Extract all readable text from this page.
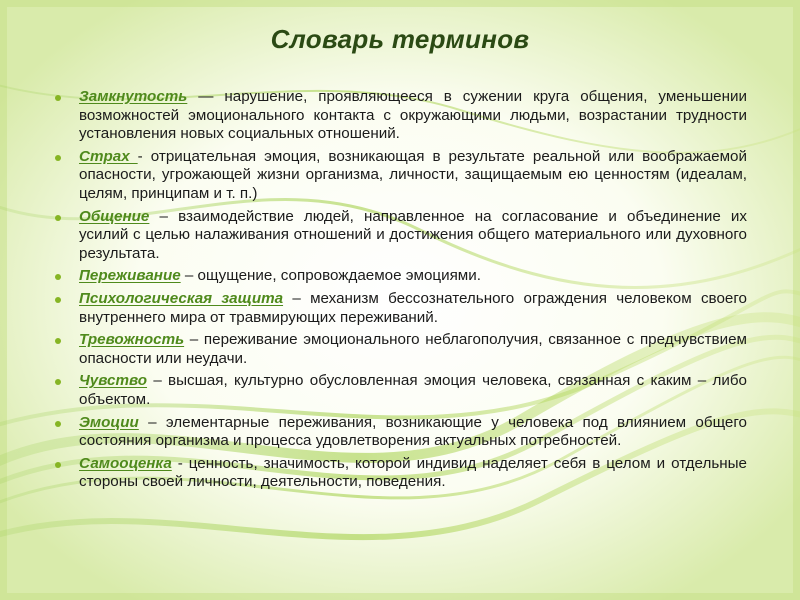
Словарь терминов
Замкнутость — нарушение, проявляющееся в сужении круга общения, уменьшении возможностей эмоционального контакта с окружающими людьми, возрастании трудности установления новых социальных отношений.
Страх - отрицательная эмоция, возникающая в результате реальной или воображаемой опасности, угрожающей жизни организма, личности, защищаемым ею ценностям (идеалам, целям, принципам и т. п.)
Общение – взаимодействие людей, направленное на согласование и объединение их усилий с целью налаживания отношений и достижения общего материального или духовного результата.
Переживание – ощущение, сопровождаемое эмоциями.
Психологическая защита – механизм бессознательного ограждения человеком своего внутреннего мира от травмирующих переживаний.
Тревожность – переживание эмоционального неблагополучия, связанное с предчувствием опасности или неудачи.
Чувство – высшая, культурно обусловленная эмоция человека, связанная с каким – либо объектом.
Эмоции – элементарные переживания, возникающие у человека под влиянием общего состояния организма и процесса удовлетворения актуальных потребностей.
Самооценка - ценность, значимость, которой индивид наделяет себя в целом и отдельные стороны своей личности, деятельности, поведения.
